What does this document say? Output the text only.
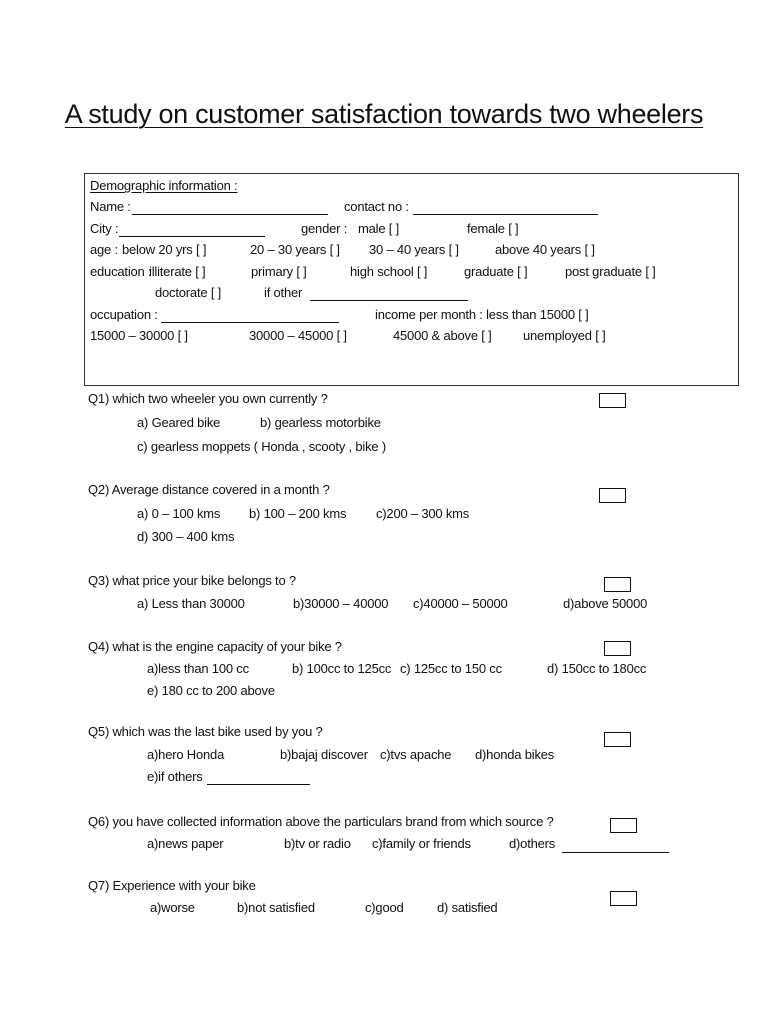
A study on customer satisfaction towards two wheelers
Demographic information :
Name :	contact no :
City :	gender : male [ ]	female [ ]
age : below 20 yrs [ ]	20 – 30 years [ ] 30 – 40 years [ ]	above 40 years [ ]
education :
illiterate [ ]	primary [ ]	high school [ ]	graduate [ ]	post graduate [ ]
doctorate [ ]	if other
occupation :	income per month : less than 15000 [ ]
15000 – 30000 [ ]	30000 – 45000 [ ]	45000 & above [ ] unemployed [ ]
Q1) which two wheeler you own currently ?
a) Geared bike	b) gearless motorbike
c) gearless moppets ( Honda , scooty , bike )
Q2) Average distance covered in a month ?
a) 0 – 100 kms b) 100 – 200 kms c)200 – 300 kms
d) 300 – 400 kms
Q3) what price your bike belongs to ?
a) Less than 30000	b)30000 – 40000 c)40000 – 50000	d)above 50000
Q4) what is the engine capacity of your bike ?
a)less than 100 cc	b) 100cc to 125cc c) 125cc to 150 cc	d) 150cc to 180cc
e) 180 cc to 200 above
Q5) which was the last bike used by you ?
a)hero Honda	b)bajaj discover c)tvs apache d)honda bikes
e)if others
Q6) you have collected information above the particulars brand from which source ?
a)news paper	b)tv or radio c)family or friends	d)others
Q7) Experience with your bike
a)worse	b)not satisfied	c)good	d) satisfied
